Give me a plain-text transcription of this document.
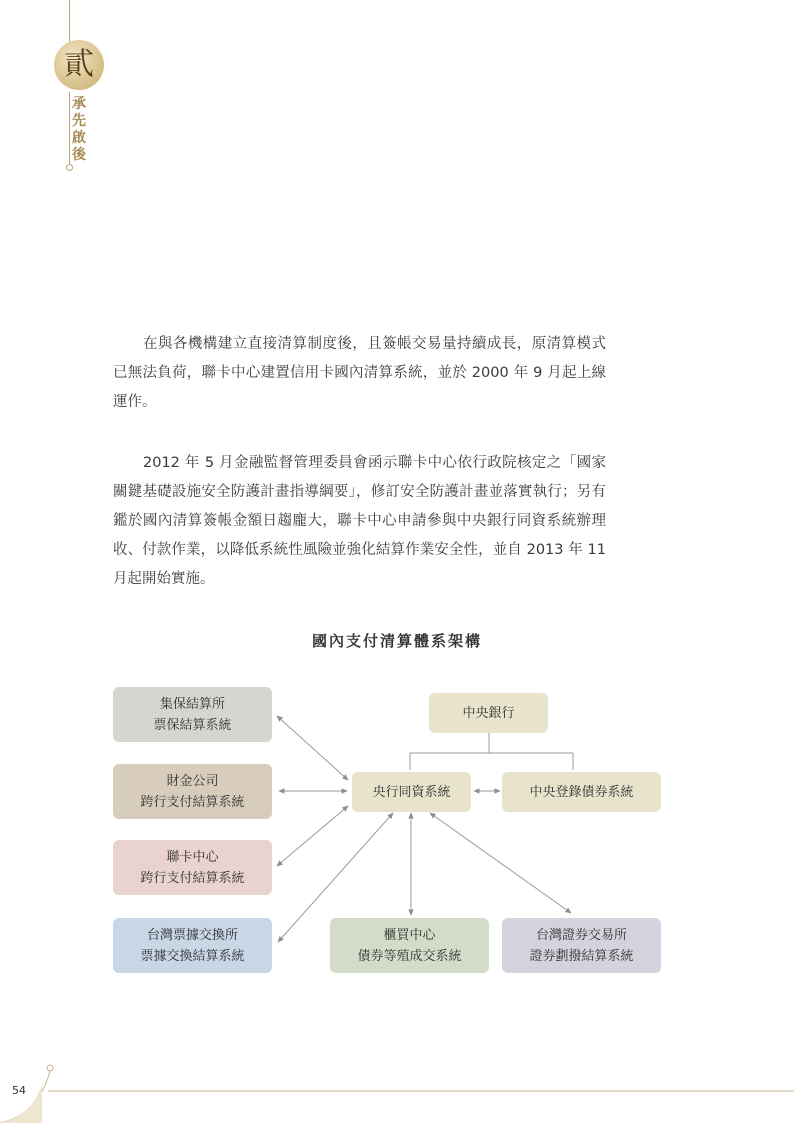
貳
承先啟後

在與各機構建立直接清算制度後，且簽帳交易量持續成長，原清算模式已無法負荷，聯卡中心建置信用卡國內清算系統，並於 2000 年 9 月起上線運作。

2012 年 5 月金融監督管理委員會函示聯卡中心依行政院核定之「國家關鍵基礎設施安全防護計畫指導綱要」，修訂安全防護計畫並落實執行；另有鑑於國內清算簽帳金額日趨龐大，聯卡中心申請參與中央銀行同資系統辦理收、付款作業，以降低系統性風險並強化結算作業安全性，並自 2013 年 11 月起開始實施。

國內支付清算體系架構
集保結算所
票保結算系統
財金公司
跨行支付結算系統
聯卡中心
跨行支付結算系統
台灣票據交換所
票據交換結算系統
中央銀行
央行同資系統	中央登錄債券系統
櫃買中心
債券等殖成交系統
台灣證券交易所
證券劃撥結算系統
54
